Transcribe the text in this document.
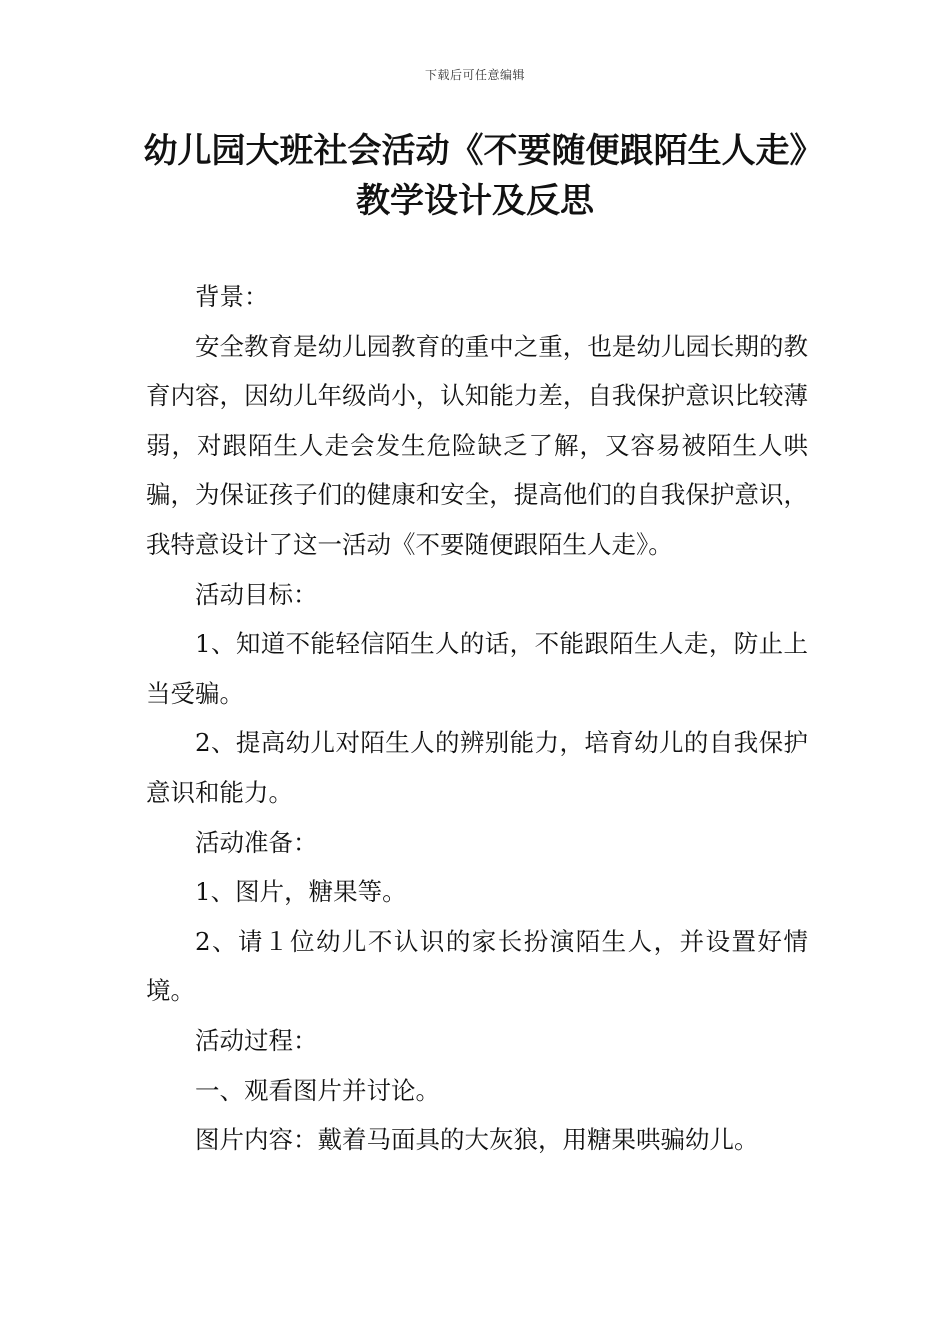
下载后可任意编辑
幼儿园大班社会活动《不要随便跟陌生人走》教学设计及反思

背景：

安全教育是幼儿园教育的重中之重，也是幼儿园长期的教育内容，因幼儿年级尚小，认知能力差，自我保护意识比较薄弱，对跟陌生人走会发生危险缺乏了解，又容易被陌生人哄骗，为保证孩子们的健康和安全，提高他们的自我保护意识，我特意设计了这一活动《不要随便跟陌生人走》。

活动目标：

1、知道不能轻信陌生人的话，不能跟陌生人走，防止上当受骗。

2、提高幼儿对陌生人的辨别能力，培育幼儿的自我保护意识和能力。

活动准备：

1、图片，糖果等。

2、请１位幼儿不认识的家长扮演陌生人，并设置好情境。

活动过程：

一、观看图片并讨论。

图片内容：戴着马面具的大灰狼，用糖果哄骗幼儿。
